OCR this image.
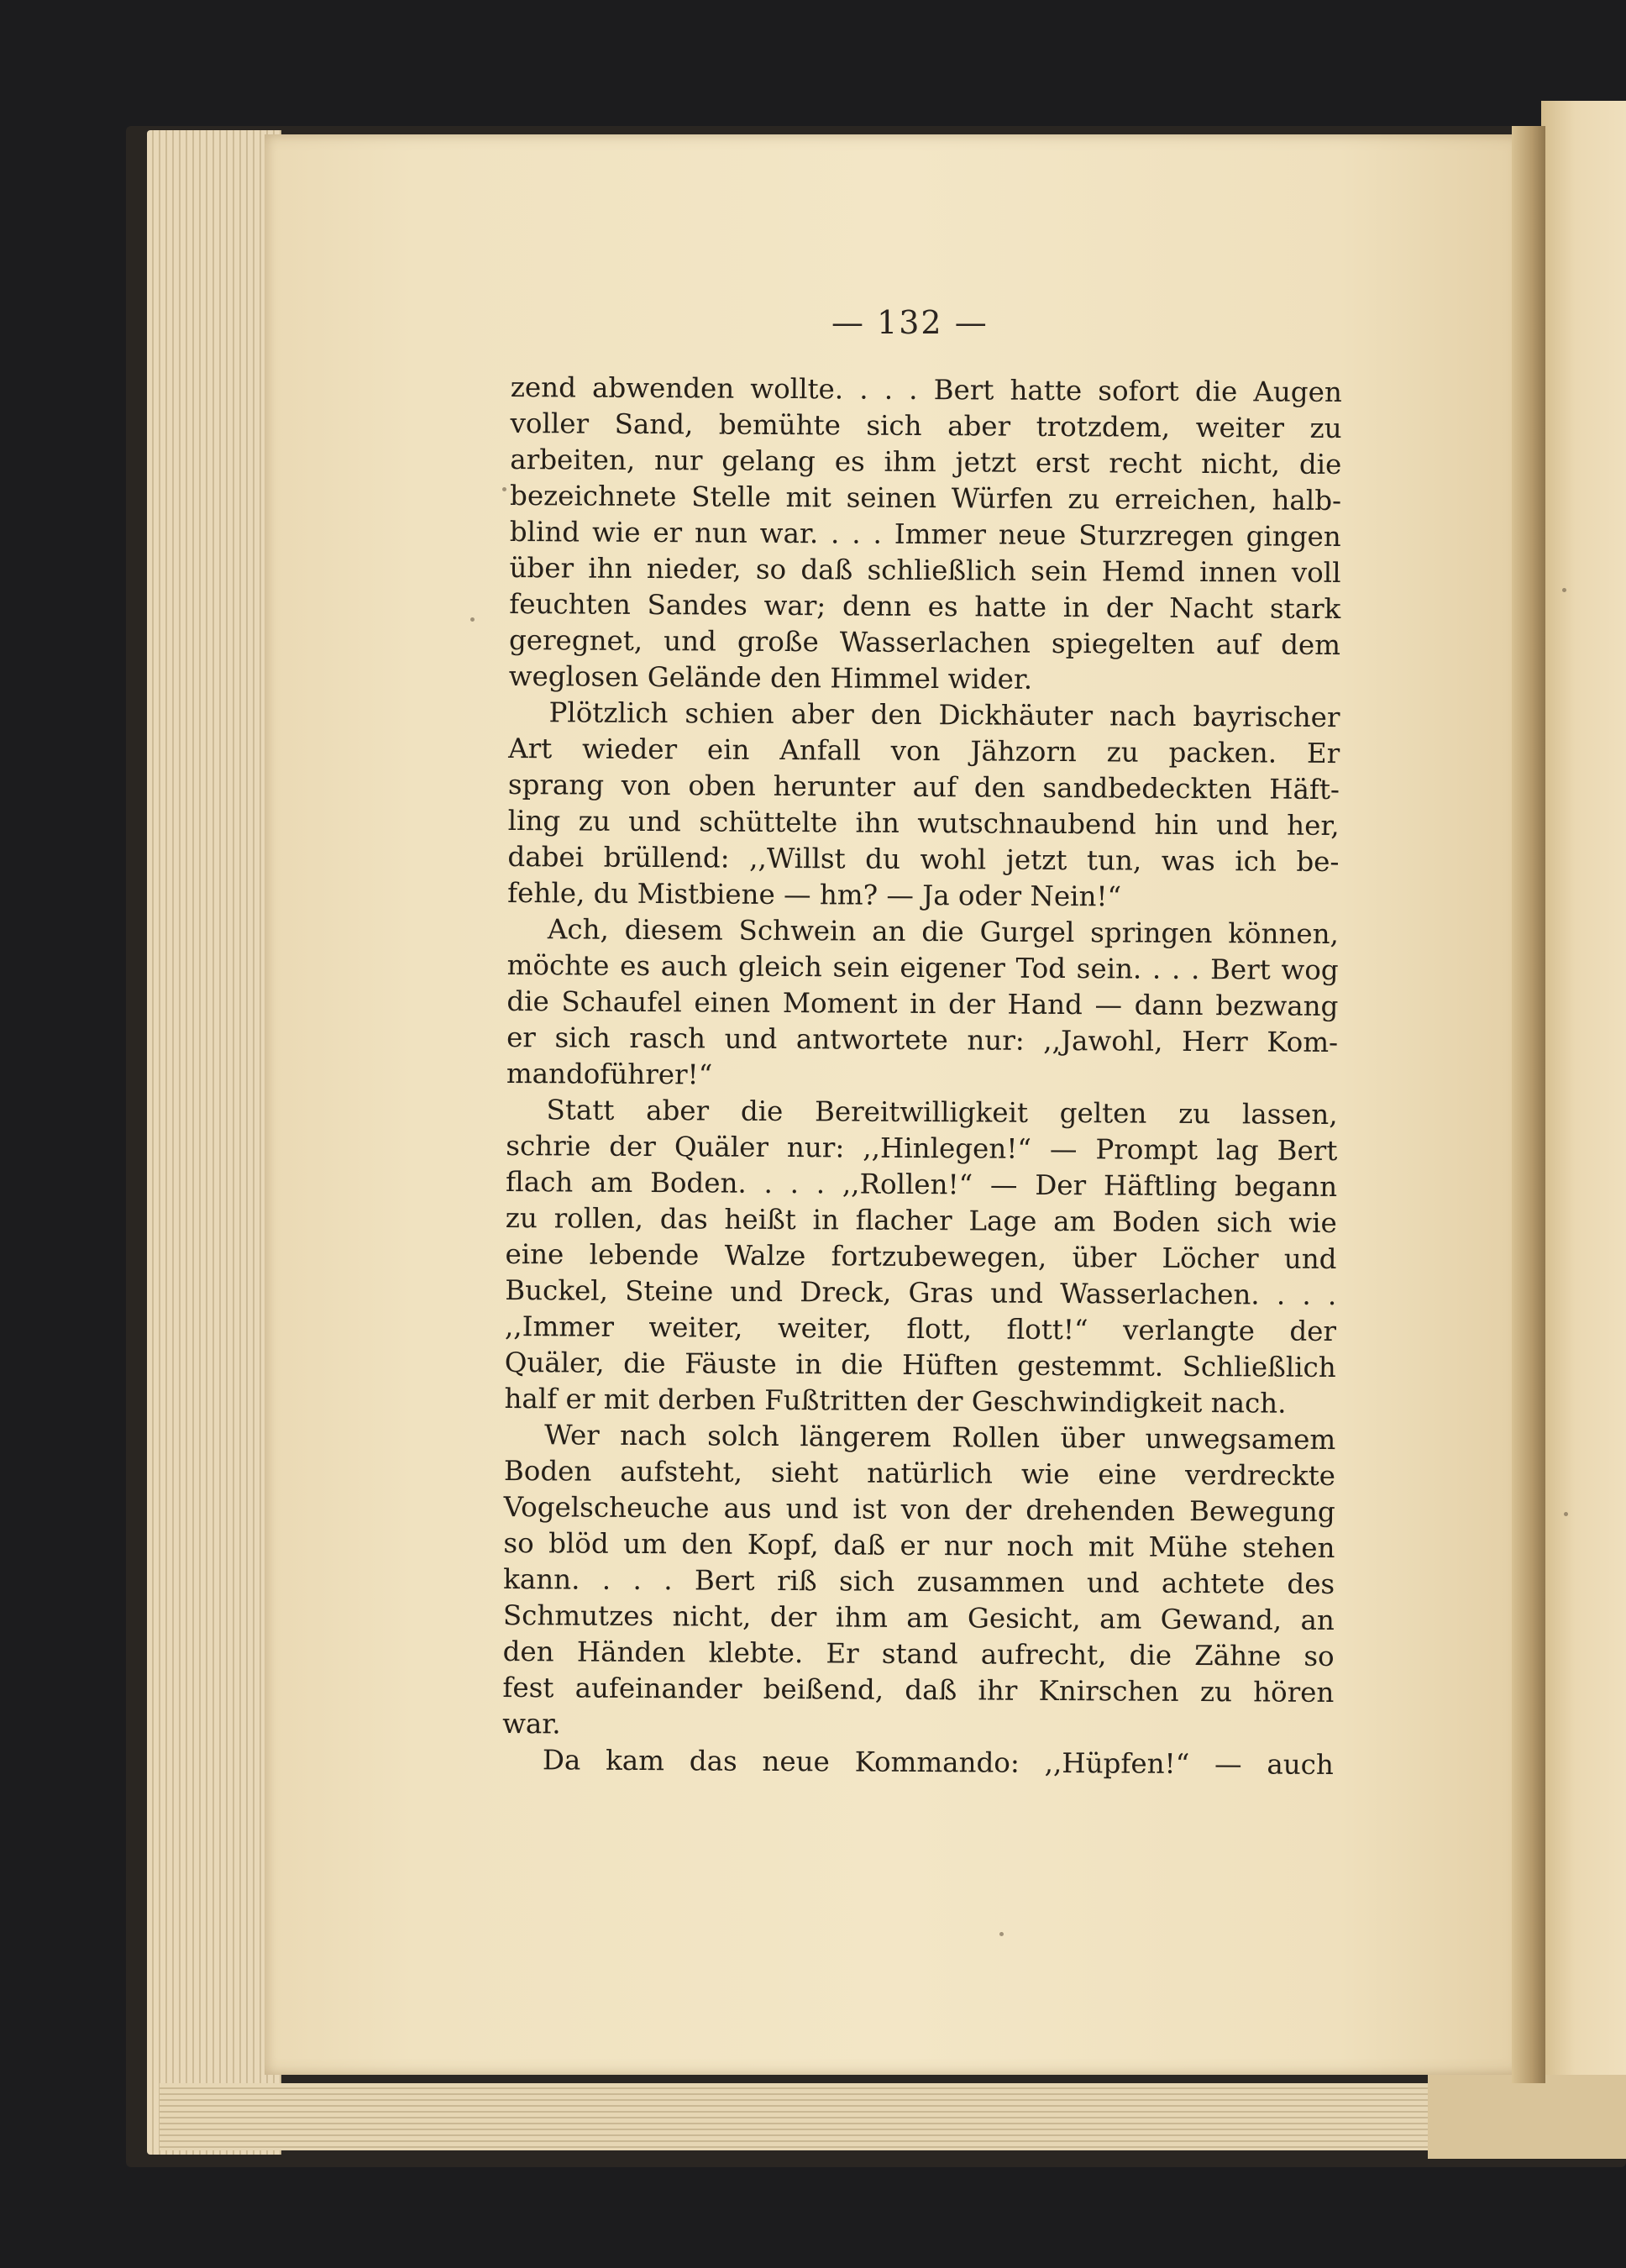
— 132 —
zend abwenden wollte. . . . Bert hatte sofort die Augen
voller Sand, bemühte sich aber trotzdem, weiter zu
arbeiten, nur gelang es ihm jetzt erst recht nicht, die
bezeichnete Stelle mit seinen Würfen zu erreichen, halb-
blind wie er nun war. . . . Immer neue Sturzregen gingen
über ihn nieder, so daß schließlich sein Hemd innen voll
feuchten Sandes war; denn es hatte in der Nacht stark
geregnet, und große Wasserlachen spiegelten auf dem
weglosen Gelände den Himmel wider.
Plötzlich schien aber den Dickhäuter nach bayrischer
Art wieder ein Anfall von Jähzorn zu packen. Er
sprang von oben herunter auf den sandbedeckten Häft-
ling zu und schüttelte ihn wutschnaubend hin und her,
dabei brüllend: ,,Willst du wohl jetzt tun, was ich be-
fehle, du Mistbiene — hm? — Ja oder Nein!“
Ach, diesem Schwein an die Gurgel springen können,
möchte es auch gleich sein eigener Tod sein. . . . Bert wog
die Schaufel einen Moment in der Hand — dann bezwang
er sich rasch und antwortete nur: ,,Jawohl, Herr Kom-
mandoführer!“
Statt aber die Bereitwilligkeit gelten zu lassen,
schrie der Quäler nur: ,,Hinlegen!“ — Prompt lag Bert
flach am Boden. . . . ,,Rollen!“ — Der Häftling begann
zu rollen, das heißt in flacher Lage am Boden sich wie
eine lebende Walze fortzubewegen, über Löcher und
Buckel, Steine und Dreck, Gras und Wasserlachen. . . .
,,Immer weiter, weiter, flott, flott!“ verlangte der
Quäler, die Fäuste in die Hüften gestemmt. Schließlich
half er mit derben Fußtritten der Geschwindigkeit nach.
Wer nach solch längerem Rollen über unwegsamem
Boden aufsteht, sieht natürlich wie eine verdreckte
Vogelscheuche aus und ist von der drehenden Bewegung
so blöd um den Kopf, daß er nur noch mit Mühe stehen
kann. . . . Bert riß sich zusammen und achtete des
Schmutzes nicht, der ihm am Gesicht, am Gewand, an
den Händen klebte. Er stand aufrecht, die Zähne so
fest aufeinander beißend, daß ihr Knirschen zu hören
war.
Da kam das neue Kommando: ,,Hüpfen!“ — auch
